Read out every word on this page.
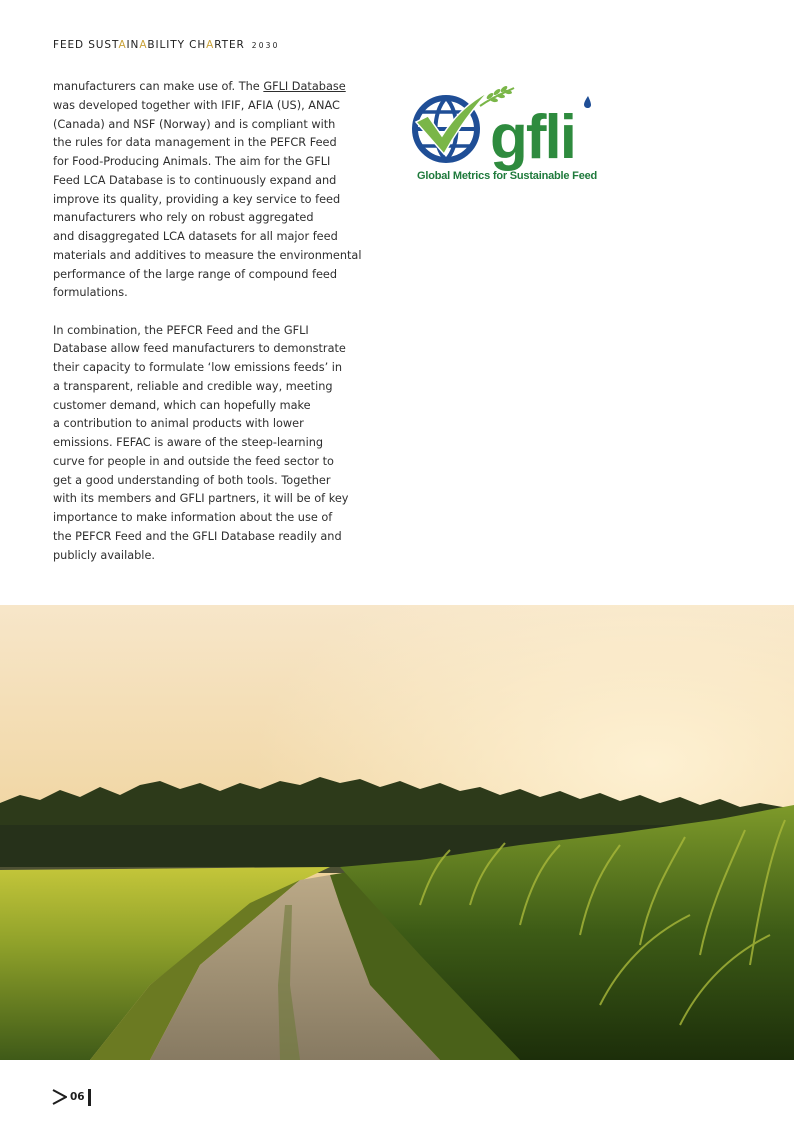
FEED SUSTAINABILITY CHARTER 2030

manufacturers can make use of. The GFLI Database
was developed together with IFIF, AFIA (US), ANAC
(Canada) and NSF (Norway) and is compliant with
the rules for data management in the PEFCR Feed
for Food-Producing Animals. The aim for the GFLI
Feed LCA Database is to continuously expand and
improve its quality, providing a key service to feed
manufacturers who rely on robust aggregated
and disaggregated LCA datasets for all major feed
materials and additives to measure the environmental
performance of the large range of compound feed
formulations.

In combination, the PEFCR Feed and the GFLI
Database allow feed manufacturers to demonstrate
their capacity to formulate ‘low emissions feeds’ in
a transparent, reliable and credible way, meeting
customer demand, which can hopefully make
a contribution to animal products with lower
emissions. FEFAC is aware of the steep-learning
curve for people in and outside the feed sector to
get a good understanding of both tools. Together
with its members and GFLI partners, it will be of key
importance to make information about the use of
the PEFCR Feed and the GFLI Database readily and
publicly available.

gfli
Global Metrics for Sustainable Feed
06
